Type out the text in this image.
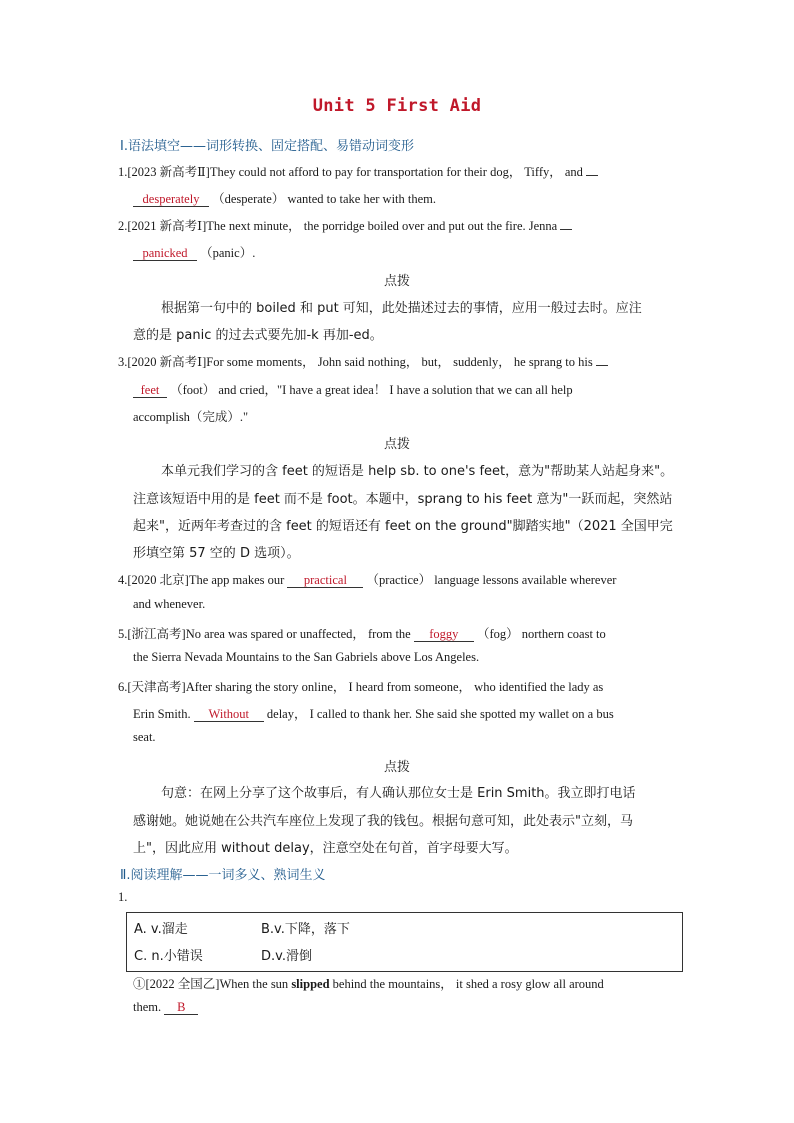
Unit 5 First Aid
Ⅰ.语法填空——词形转换、固定搭配、易错动词变形
1.[2023 新高考Ⅱ]They could not afford to pay for transportation for their dog， Tiffy， and
desperately （desperate） wanted to take her with them.
2.[2021 新高考Ⅰ]The next minute， the porridge boiled over and put out the fire. Jenna
panicked （panic）.
点拨
根据第一句中的 boiled 和 put 可知，此处描述过去的事情，应用一般过去时。应注
意的是 panic 的过去式要先加-k 再加-ed。
3.[2020 新高考Ⅰ]For some moments， John said nothing， but， suddenly， he sprang to his
feet （foot） and cried，"I have a great idea！ I have a solution that we can all help
accomplish（完成）."
点拨
本单元我们学习的含 feet 的短语是 help sb. to one's feet，意为"帮助某人站起身来"。
注意该短语中用的是 feet 而不是 foot。本题中，sprang to his feet 意为"一跃而起，突然站
起来"，近两年考查过的含 feet 的短语还有 feet on the ground"脚踏实地"（2021 全国甲完
形填空第 57 空的 D 选项）。
4.[2020 北京]The app makes our practical （practice） language lessons available wherever
and whenever.
5.[浙江高考]No area was spared or unaffected， from the foggy （fog） northern coast to
the Sierra Nevada Mountains to the San Gabriels above Los Angeles.
6.[天津高考]After sharing the story online， I heard from someone， who identified the lady as
Erin Smith. Without delay， I called to thank her. She said she spotted my wallet on a bus
seat.
点拨
句意：在网上分享了这个故事后，有人确认那位女士是 Erin Smith。我立即打电话
感谢她。她说她在公共汽车座位上发现了我的钱包。根据句意可知，此处表示"立刻，马
上"，因此应用 without delay，注意空处在句首，首字母要大写。
Ⅱ.阅读理解——一词多义、熟词生义
1.
A. v.溜走	B.v.下降，落下
C. n.小错误	D.v.滑倒
①[2022 全国乙]When the sun slipped behind the mountains， it shed a rosy glow all around
them. B
